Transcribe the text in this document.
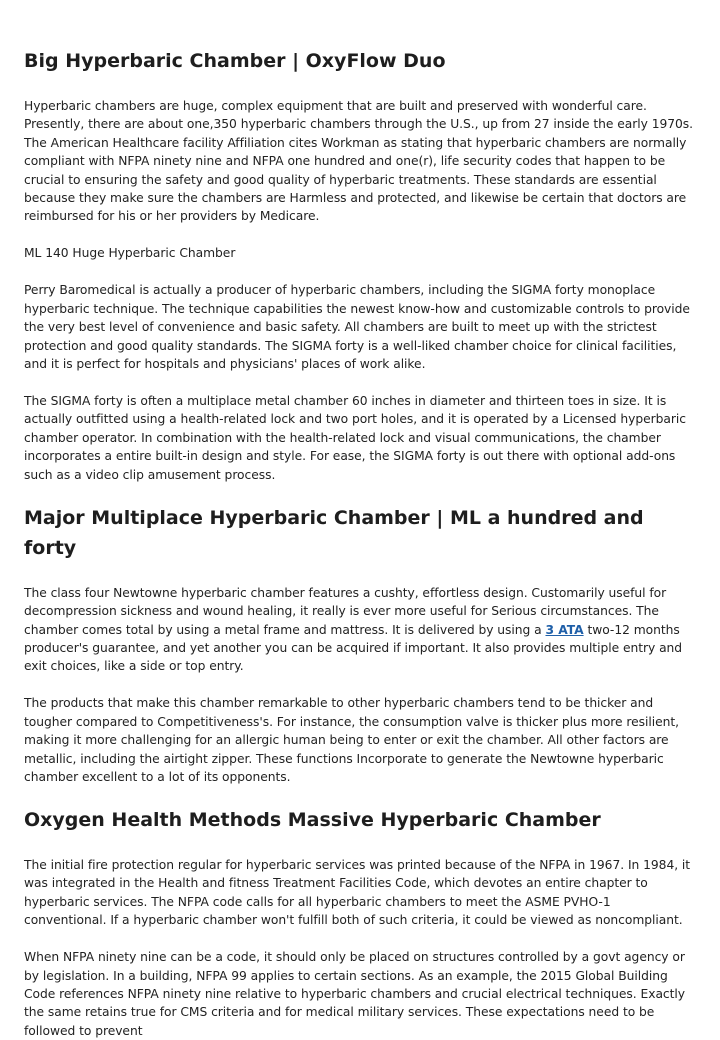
Big Hyperbaric Chamber | OxyFlow Duo

Hyperbaric chambers are huge, complex equipment that are built and preserved with wonderful care. Presently, there are about one,350 hyperbaric chambers through the U.S., up from 27 inside the early 1970s. The American Healthcare facility Affiliation cites Workman as stating that hyperbaric chambers are normally compliant with NFPA ninety nine and NFPA one hundred and one(r), life security codes that happen to be crucial to ensuring the safety and good quality of hyperbaric treatments. These standards are essential because they make sure the chambers are Harmless and protected, and likewise be certain that doctors are reimbursed for his or her providers by Medicare.

ML 140 Huge Hyperbaric Chamber

Perry Baromedical is actually a producer of hyperbaric chambers, including the SIGMA forty monoplace hyperbaric technique. The technique capabilities the newest know-how and customizable controls to provide the very best level of convenience and basic safety. All chambers are built to meet up with the strictest protection and good quality standards. The SIGMA forty is a well-liked chamber choice for clinical facilities, and it is perfect for hospitals and physicians' places of work alike.

The SIGMA forty is often a multiplace metal chamber 60 inches in diameter and thirteen toes in size. It is actually outfitted using a health-related lock and two port holes, and it is operated by a Licensed hyperbaric chamber operator. In combination with the health-related lock and visual communications, the chamber incorporates a entire built-in design and style. For ease, the SIGMA forty is out there with optional add-ons such as a video clip amusement process.

Major Multiplace Hyperbaric Chamber | ML a hundred and forty

The class four Newtowne hyperbaric chamber features a cushty, effortless design. Customarily useful for decompression sickness and wound healing, it really is ever more useful for Serious circumstances. The chamber comes total by using a metal frame and mattress. It is delivered by using a 3 ATA two-12 months producer's guarantee, and yet another you can be acquired if important. It also provides multiple entry and exit choices, like a side or top entry.

The products that make this chamber remarkable to other hyperbaric chambers tend to be thicker and tougher compared to Competitiveness's. For instance, the consumption valve is thicker plus more resilient, making it more challenging for an allergic human being to enter or exit the chamber. All other factors are metallic, including the airtight zipper. These functions Incorporate to generate the Newtowne hyperbaric chamber excellent to a lot of its opponents.

Oxygen Health Methods Massive Hyperbaric Chamber

The initial fire protection regular for hyperbaric services was printed because of the NFPA in 1967. In 1984, it was integrated in the Health and fitness Treatment Facilities Code, which devotes an entire chapter to hyperbaric services. The NFPA code calls for all hyperbaric chambers to meet the ASME PVHO-1 conventional. If a hyperbaric chamber won't fulfill both of such criteria, it could be viewed as noncompliant.

When NFPA ninety nine can be a code, it should only be placed on structures controlled by a govt agency or by legislation. In a building, NFPA 99 applies to certain sections. As an example, the 2015 Global Building Code references NFPA ninety nine relative to hyperbaric chambers and crucial electrical techniques. Exactly the same retains true for CMS criteria and for medical military services. These expectations need to be followed to prevent
